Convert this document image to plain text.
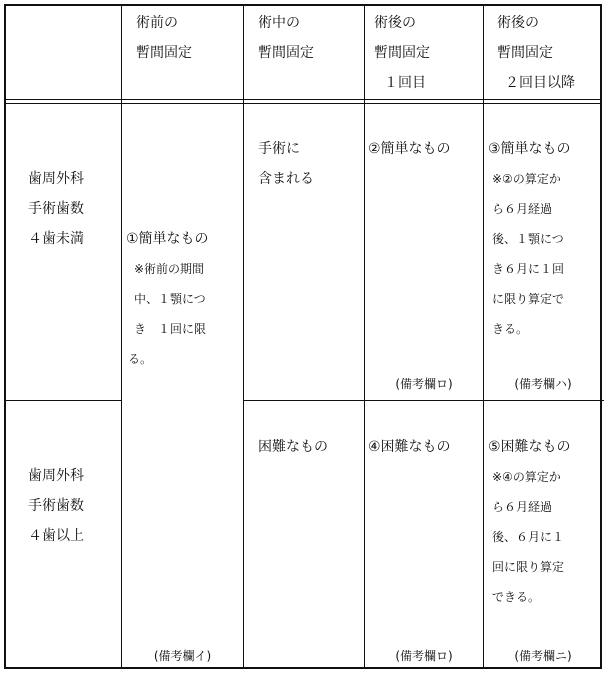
術前の
暫間固定
術中の
暫間固定
術後の
暫間固定
１回目
術後の
暫間固定
２回目以降
歯周外科
手術歯数
４歯未満
歯周外科
手術歯数
４歯以上
①簡単なもの
※術前の期間
中、１顎につ
き　１回に限
る。
(備考欄イ)
手術に
含まれる
困難なもの
②簡単なもの
(備考欄ロ)
④困難なもの
(備考欄ロ)
③簡単なもの
※②の算定か
ら６月経過
後、１顎につ
き６月に１回
に限り算定で
きる。
(備考欄ハ)
⑤困難なもの
※④の算定か
ら６月経過
後、６月に１
回に限り算定
できる。
(備考欄ニ)
